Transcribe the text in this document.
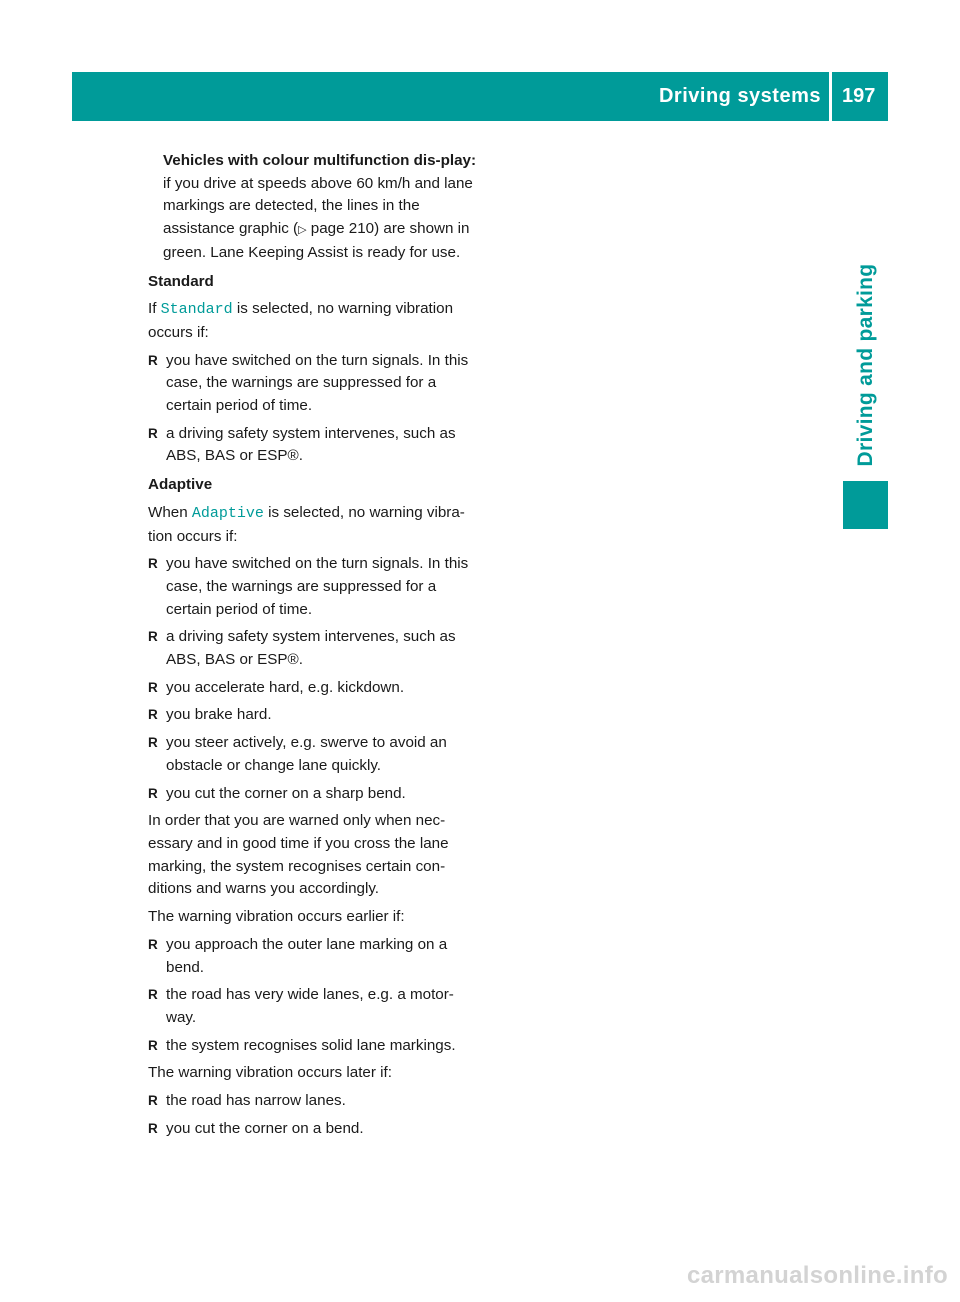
Driving systems 197
Driving and parking

Vehicles with colour multifunction dis-play: if you drive at speeds above 60 km/h and lane markings are detected, the lines in the assistance graphic (▷ page 210) are shown in green. Lane Keeping Assist is ready for use.

Standard

If Standard is selected, no warning vibration occurs if:

R you have switched on the turn signals. In this case, the warnings are suppressed for a certain period of time.
R a driving safety system intervenes, such as ABS, BAS or ESP®.

Adaptive

When Adaptive is selected, no warning vibra-tion occurs if:

R you have switched on the turn signals. In this case, the warnings are suppressed for a certain period of time.
R a driving safety system intervenes, such as ABS, BAS or ESP®.
R you accelerate hard, e.g. kickdown.
R you brake hard.
R you steer actively, e.g. swerve to avoid an obstacle or change lane quickly.
R you cut the corner on a sharp bend.

In order that you are warned only when nec-essary and in good time if you cross the lane marking, the system recognises certain con-ditions and warns you accordingly.

The warning vibration occurs earlier if:

R you approach the outer lane marking on a bend.
R the road has very wide lanes, e.g. a motor-way.
R the system recognises solid lane markings.

The warning vibration occurs later if:

R the road has narrow lanes.
R you cut the corner on a bend.
carmanualsonline.info
